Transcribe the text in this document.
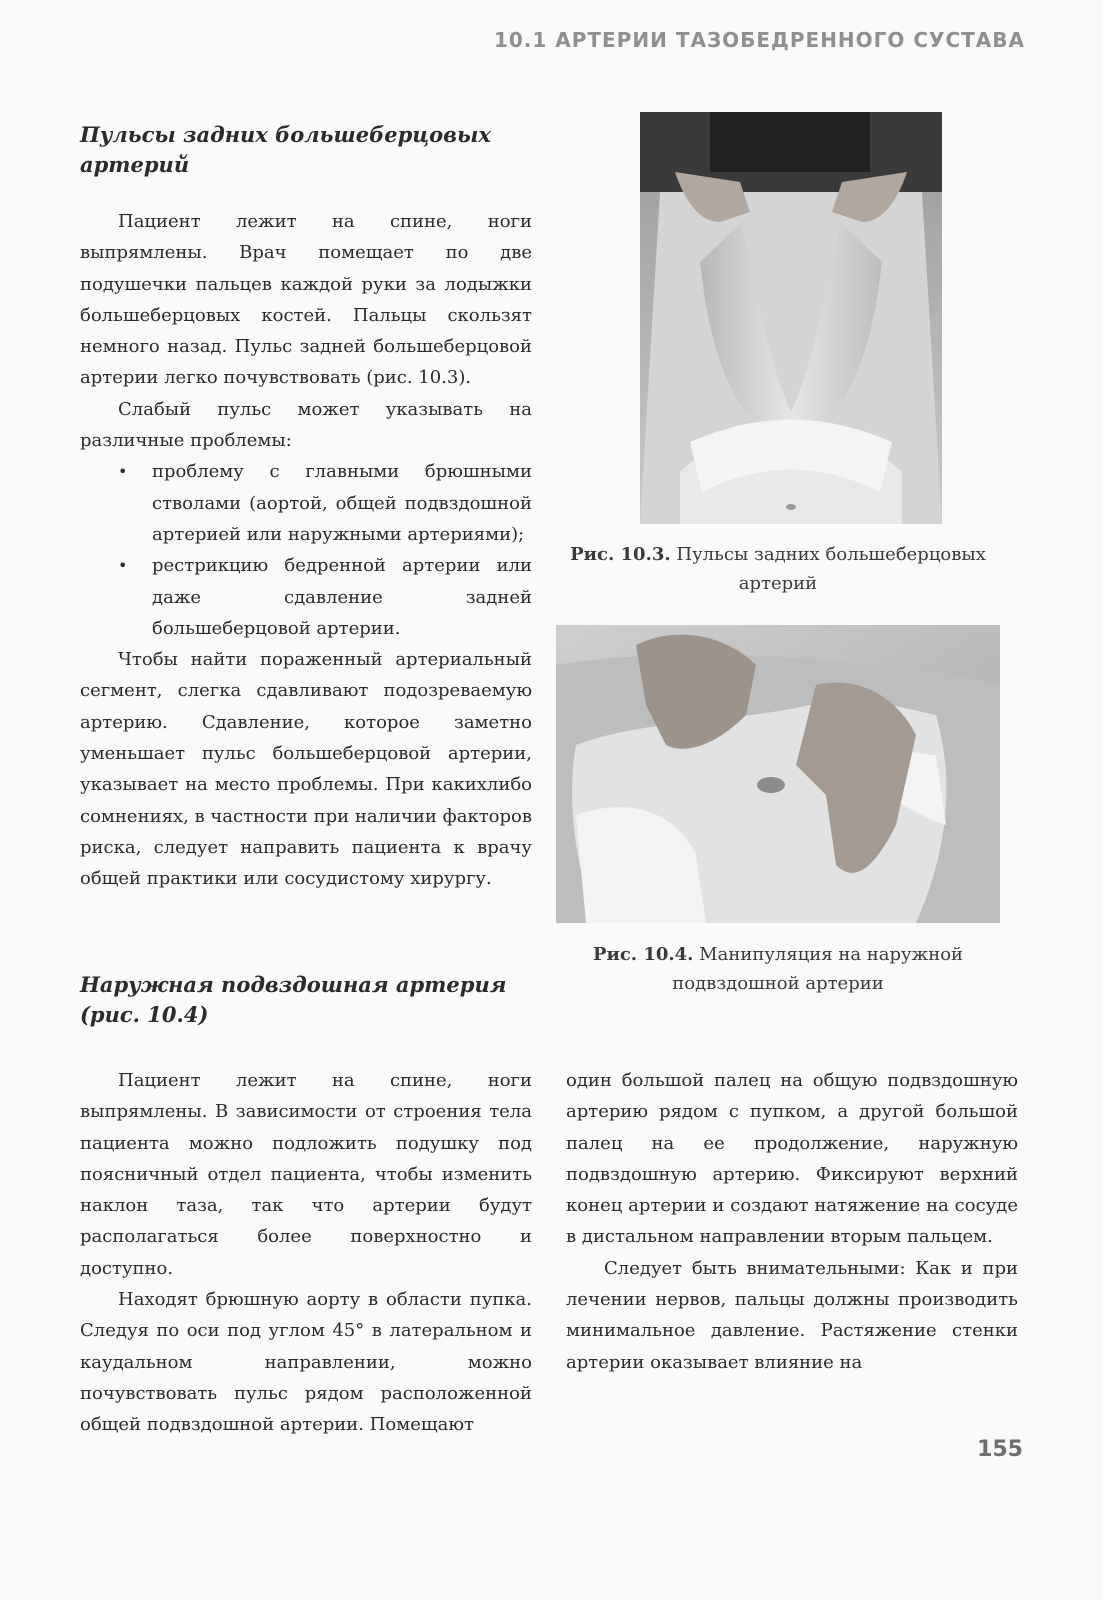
10.1 АРТЕРИИ ТАЗОБЕДРЕННОГО СУСТАВА
Пульсы задних большеберцовых артерий

Пациент лежит на спине, ноги выпрямлены. Врач помещает по две подушечки пальцев каждой руки за лодыжки большеберцовых костей. Пальцы скользят немного назад. Пульс задней большеберцовой артерии легко почувствовать (рис. 10.3).

Слабый пульс может указывать на различные проблемы:

• проблему с главными брюшными стволами (аортой, общей подвздошной артерией или наружными артериями);
• рестрикцию бедренной артерии или даже сдавление задней большеберцовой артерии.

Чтобы найти пораженный артериальный сегмент, слегка сдавливают подозреваемую артерию. Сдавление, которое заметно уменьшает пульс большеберцовой артерии, указывает на место проблемы. При какихлибо сомнениях, в частности при наличии факторов риска, следует направить пациента к врачу общей практики или сосудистому хирургу.

Наружная подвздошная артерия
(рис. 10.4)

Пациент лежит на спине, ноги выпрямлены. В зависимости от строения тела пациента можно подложить подушку под поясничный отдел пациента, чтобы изменить наклон таза, так что артерии будут располагаться более поверхностно и доступно.

Находят брюшную аорту в области пупка. Следуя по оси под углом 45° в латеральном и каудальном направлении, можно почувствовать пульс рядом расположенной общей подвздошной артерии. Помещают

один большой палец на общую подвздошную артерию рядом с пупком, а другой большой палец на ее продолжение, наружную подвздошную артерию. Фиксируют верхний конец артерии и создают натяжение на сосуде в дистальном направлении вторым пальцем.

Следует быть внимательными: Как и при лечении нервов, пальцы должны производить минимальное давление. Растяжение стенки артерии оказывает влияние на

Рис. 10.3. Пульсы задних большеберцовых артерий
Рис. 10.4. Манипуляция на наружной подвздошной артерии
155
